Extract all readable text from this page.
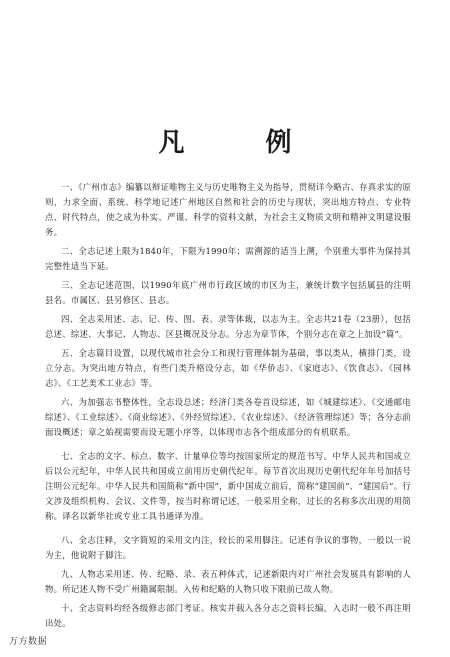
凡 例

一、《广州市志》编纂以辩证唯物主义与历史唯物主义为指导，贯彻详今略古、存真求实的原则，力求全面、系统、科学地记述广州地区自然和社会的历史与现状，突出地方特点、专业特点、时代特点，使之成为朴实、严谨、科学的资料文献，为社会主义物质文明和精神文明建设服务。

二、全志记述上限为1840年，下限为1990年；需溯源的适当上溯，个别重大事件为保持其完整性适当下延。

三、全志记述范围，以1990年底广州市行政区域的市区为主，兼统计数字包括属县的注明县名。市属区、县另修区、县志。

四、全志采用述、志、记、传、图、表、录等体裁，以志为主。全志共21卷（23册），包括总述、综述、大事记、人物志、区县概况及分志。分志为章节体，个别分志在章之上加设“篇”。

五、全志篇目设置，以现代城市社会分工和现行管理体制为基础，事以类从，横排门类，设立分志。为突出地方特点，有些门类升格设分志，如《华侨志》、《家庭志》、《饮食志》、《园林志》、《工艺美术工业志》等。

六、为加强志书整体性，全志设总述；经济门类各卷首设综述，如《城建综述》、《交通邮电综述》、《工业综述》、《商业综述》、《外经贸综述》、《农业综述》、《经济管理综述》等；各分志前面设概述；章之始视需要而设无题小序等，以体现市志各个组成部分的有机联系。

七、全志的文字、标点、数字、计量单位等均按国家所定的规范书写。中华人民共和国成立后以公元纪年，中华人民共和国成立前用历史朝代纪年。每节首次出现历史朝代纪年年号加括号注明公元纪年。中华人民共和国简称“新中国”，新中国成立前后，简称“建国前”、“建国后”。行文涉及组织机构、会议、文件等，按当时称谓记述，一般采用全称，过长的名称多次出现的用简称。译名以新华社或专业工具书通译为准。

八、全志注释，文字简短的采用文内注，较长的采用脚注。记述有争议的事物，一般以一说为主，他说附于脚注。

九、人物志采用述、传、纪略、录、表五种体式，记述新限内对广州社会发展具有影响的人物。所记述人物不受广州籍属限制。入传和纪略的人物只收下限前已故人物。

十、全志资料均经各级修志部门考证、核实并载入各分志之资料长编，入志时一般不再注明出处。

万方数据
